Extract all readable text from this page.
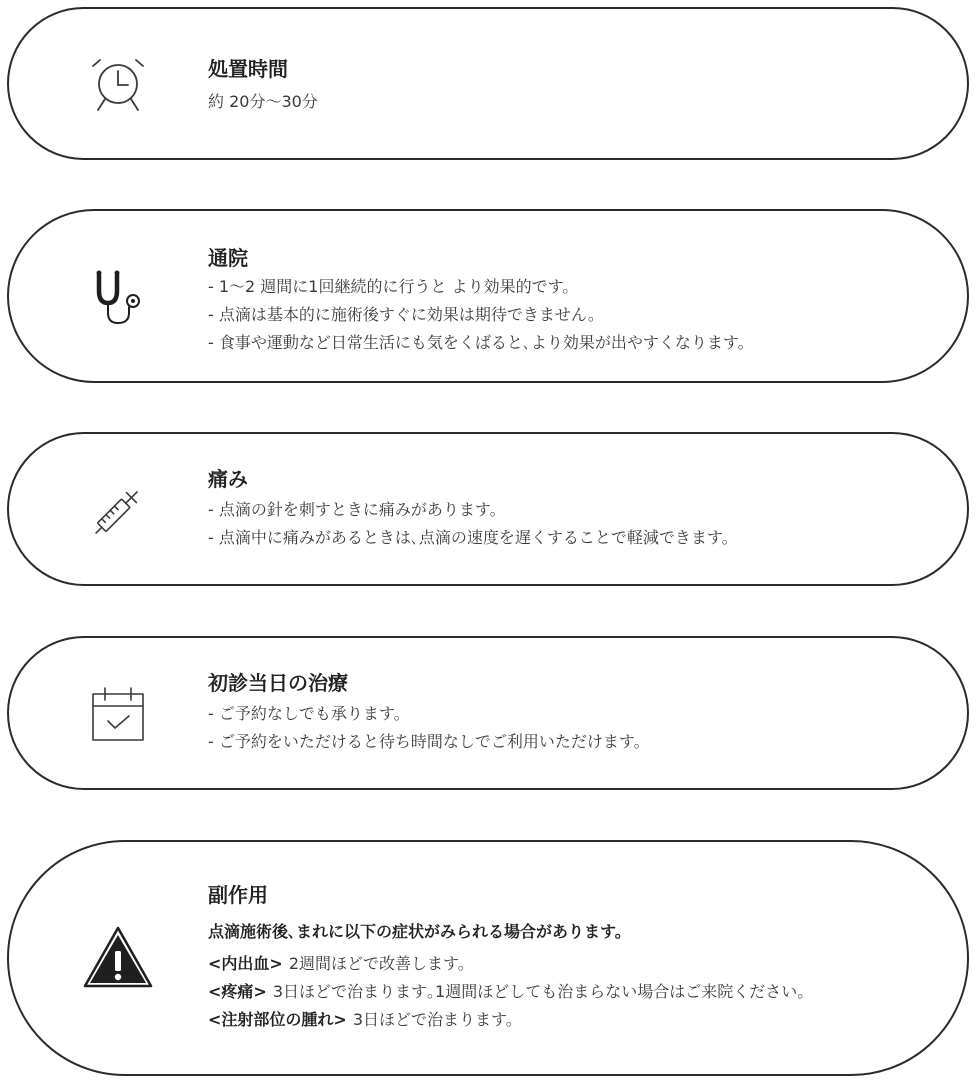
処置時間

約 20分〜30分

通院

- 1〜2 週間に1回継続的に行うと より効果的です。

- 点滴は基本的に施術後すぐに効果は期待できません。

- 食事や運動など日常生活にも気をくばると､より効果が出やすくなります。

痛み

- 点滴の針を刺すときに痛みがあります。

- 点滴中に痛みがあるときは､点滴の速度を遅くすることで軽減できます。

初診当日の治療

- ご予約なしでも承ります。

- ご予約をいただけると待ち時間なしでご利用いただけます。

副作用

点滴施術後､まれに以下の症状がみられる場合があります。

<内出血> 2週間ほどで改善します。

<疼痛> 3日ほどで治まります｡1週間ほどしても治まらない場合はご来院ください。

<注射部位の腫れ> 3日ほどで治まります。
